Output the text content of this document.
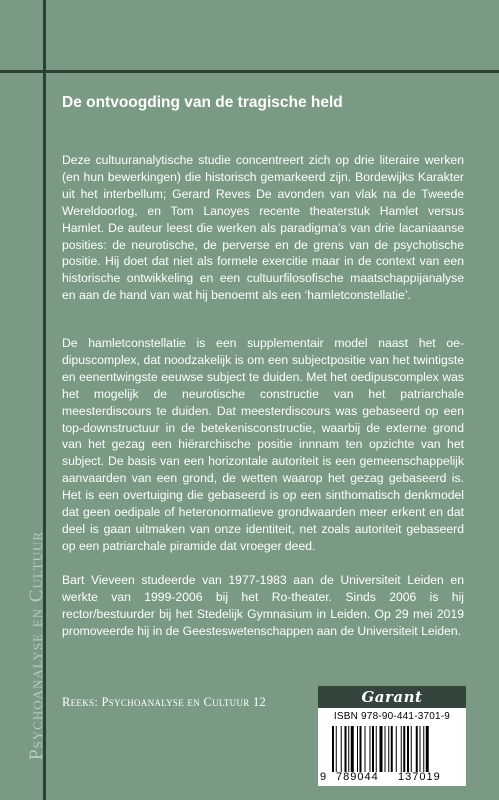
Psychoanalyse en Cultuur
De ontvoogding van de tragische held
Deze cultuuranalytische studie concentreert zich op drie literaire werken (en hun bewerkingen) die historisch gemarkeerd zijn. Bordewijks Karakter uit het interbellum; Gerard Reves De avonden van vlak na de Tweede Wereldoorlog, en Tom Lanoyes recente theaterstuk Hamlet versus Hamlet. De auteur leest die werken als paradigma’s van drie lacaniaanse posities: de neurotische, de perverse en de grens van de psychotische positie. Hij doet dat niet als formele exercitie maar in de context van een historische ontwikkeling en een cultuurfilosofische maatschappijanalyse en aan de hand van wat hij benoemt als een ‘hamletconstellatie’.
De hamletconstellatie is een supplementair model naast het oedipuscomplex, dat noodzakelijk is om een subjectpositie van het twintigste en eenentwingste eeuwse subject te duiden. Met het oedipuscomplex was het mogelijk de neurotische constructie van het patriarchale meesterdiscours te duiden. Dat meesterdiscours was gebaseerd op een top-downstructuur in de betekenisconstructie, waarbij de externe grond van het gezag een hiërarchische positie innnam ten opzichte van het subject. De basis van een horizontale autoriteit is een gemeenschappelijk aanvaarden van een grond, de wetten waarop het gezag gebaseerd is. Het is een overtuiging die gebaseerd is op een sinthomatisch denkmodel dat geen oedipale of heteronormatieve grondwaarden meer erkent en dat deel is gaan uitmaken van onze identiteit, net zoals autoriteit gebaseerd op een patriarchale piramide dat vroeger deed.
Bart Vieveen studeerde van 1977-1983 aan de Universiteit Leiden en werkte van 1999-2006 bij het Ro-theater. Sinds 2006 is hij rector/bestuurder bij het Stedelijk Gymnasium in Leiden. Op 29 mei 2019 promoveerde hij in de Geesteswetenschappen aan de Universiteit Leiden.
Reeks: Psychoanalyse en Cultuur 12	Garant
ISBN 978-90-441-3701-9
9 789044 137019
